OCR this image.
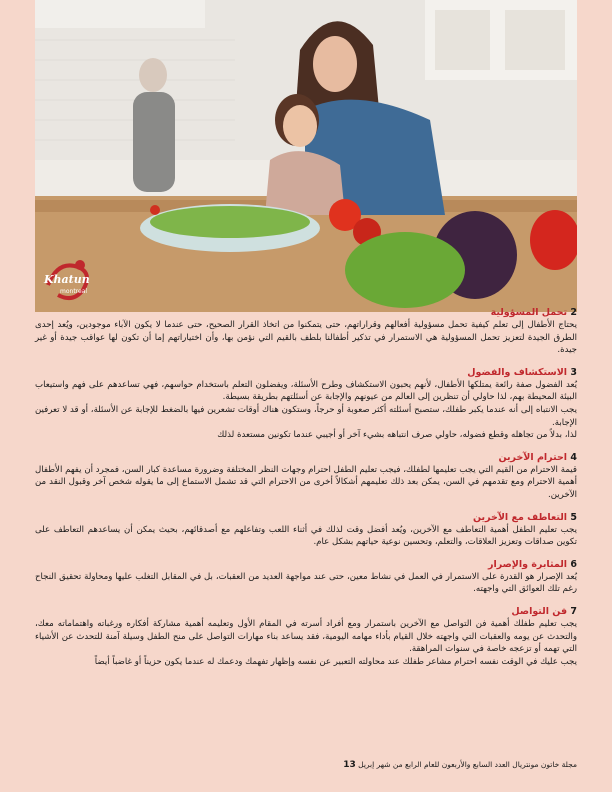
Khatun
montreal

2 تحمل المسؤولية

يحتاج الأطفال إلى تعلم كيفية تحمل مسؤولية أفعالهم وقراراتهم، حتى يتمكنوا من اتخاذ القرار الصحيح، حتى عندما لا يكون الآباء موجودين، ويُعد إحدى الطرق الجيدة لتعزيز تحمل المسؤولية هي الاستمرار في تذكير أطفالنا بلطف بالقيم التي نؤمن بها، وأن اختياراتهم إما أن تكون لها عواقب جيدة أو غير جيدة.

3 الاستكشاف والفضول

يُعد الفضول صفة رائعة يمتلكها الأطفال، لأنهم يحبون الاستكشاف وطرح الأسئلة، ويفضلون التعلم باستخدام حواسهم، فهي تساعدهم على فهم واستيعاب البيئة المحيطة بهم، لذا حاولي أن تنظرين إلى العالم من عيونهم والإجابة عن أسئلتهم بطريقة بسيطة.

يجب الانتباه إلى أنه عندما يكبر طفلك، ستصبح أسئلته أكثر صعوبة أو حرجاً، وستكون هناك أوقات تشعرين فيها بالضغط للإجابة عن الأسئلة، أو قد لا تعرفين الإجابة.

لذا، بدلاً من تجاهله وقطع فضوله، حاولي صرف انتباهه بشيء آخر أو أجيبي عندما تكونين مستعدة لذلك

4 احترام الآخرين

قيمة الاحترام من القيم التي يجب تعليمها لطفلك، فيجب تعليم الطفل احترام وجهات النظر المختلفة وضرورة مساعدة كبار السن، فمجرد أن يفهم الأطفال أهمية الاحترام ومع تقدمهم في السن، يمكن بعد ذلك تعليمهم أشكالاً أخرى من الاحترام التي قد تشمل الاستماع إلى ما يقوله شخص آخر وقبول النقد من الآخرين.

5 التعاطف مع الآخرين

يجب تعليم الطفل أهمية التعاطف مع الآخرين، ويُعد أفضل وقت لذلك في أثناء اللعب وتفاعلهم مع أصدقائهم، بحيث يمكن أن يساعدهم التعاطف على تكوين صداقات وتعزيز العلاقات، والتعلم، وتحسين نوعية حياتهم بشكل عام.

6 المثابرة والإصرار

يُعد الإصرار هو القدرة على الاستمرار في العمل في نشاط معين، حتى عند مواجهة العديد من العقبات، بل في المقابل التغلب عليها ومحاولة تحقيق النجاح رغم تلك العوائق التي واجهته.

7 فن التواصل

يجب تعليم طفلك أهمية فن التواصل مع الآخرين باستمرار ومع أفراد أسرته في المقام الأول وتعليمه أهمية مشاركة أفكاره ورغباته واهتماماته معك، والتحدث عن يومه والعقبات التي واجهته خلال القيام بأداء مهامه اليومية، فقد يساعد بناء مهارات التواصل على منح الطفل وسيلة آمنة للتحدث عن الأشياء التي تهمه أو تزعجه خاصة في سنوات المراهقة.

يجب عليك في الوقت نفسه احترام مشاعر طفلك عند محاولته التعبير عن نفسه وإظهار تفهمك ودعمك له عندما يكون حزيناً أو غاضباً أيضاً

مجلة خاتون مونتريال العدد السابع والأربعون للعام الرابع من شهر إبريل 13
